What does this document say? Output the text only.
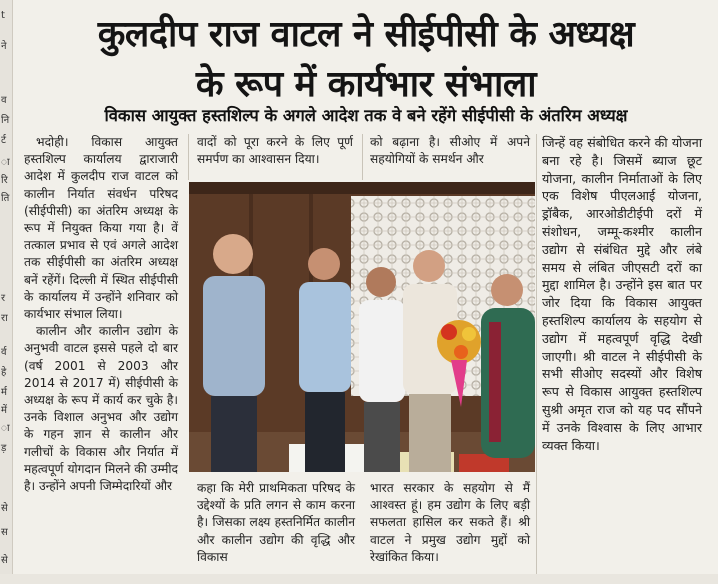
t
ने
व
नि
र्ट
ा
रि
ति
र
रा
र्व
हे
र्म
में
ा
ड़
से
स
से
कुलदीप राज वाटल ने सीईपीसी के अध्यक्ष
के रूप में कार्यभार संभाला
विकास आयुक्त हस्तशिल्प के अगले आदेश तक वे बने रहेंगे सीईपीसी के अंतरिम अध्यक्ष

भदोही। विकास आयुक्त हस्तशिल्प कार्यालय द्वाराजारी आदेश में कुलदीप राज वाटल को कालीन निर्यात संवर्धन परिषद (सीईपीसी) का अंतरिम अध्यक्ष के रूप में नियुक्त किया गया है। वें तत्काल प्रभाव से एवं अगले आदेश तक सीईपीसी का अंतरिम अध्यक्ष बनें रहेंगें। दिल्ली में स्थित सीईपीसी के कार्यालय में उन्होंने शनिवार को कार्यभार संभाल लिया।

कालीन और कालीन उद्योग के अनुभवी वाटल इससे पहले दो बार (वर्ष 2001 से 2003 और 2014 से 2017 में) सीईपीसी के अध्यक्ष के रूप में कार्य कर चुके है। उनके विशाल अनुभव और उद्योग के गहन ज्ञान से कालीन और गलीचों के विकास और निर्यात में महत्वपूर्ण योगदान मिलने की उम्मीद है। उन्होंने अपनी जिम्मेदारियों और

वादों को पूरा करने के लिए पूर्ण समर्पण का आश्वासन दिया।

को बढ़ाना है। सीओए में अपने सहयोगियों के समर्थन और

जिन्हें वह संबोधित करने की योजना बना रहे है। जिसमें ब्याज छूट योजना, कालीन निर्माताओं के लिए एक विशेष पीएलआई योजना, ड्रॉबैक, आरओडीटीईपी दरों में संशोधन, जम्मू-कश्मीर कालीन उद्योग से संबंधित मुद्दे और लंबे समय से लंबित जीएसटी दरों का मुद्दा शामिल है। उन्होंने इस बात पर जोर दिया कि विकास आयुक्त हस्तशिल्प कार्यालय के सहयोग से उद्योग में महत्वपूर्ण वृद्धि देखी जाएगी। श्री वाटल ने सीईपीसी के सभी सीओए सदस्यों और विशेष रूप से विकास आयुक्त हस्तशिल्प सुश्री अमृत राज को यह पद सौंपने में उनके विश्वास के लिए आभार व्यक्त किया।

कहा कि मेरी प्राथमिकता परिषद के उद्देश्यों के प्रति लगन से काम करना है। जिसका लक्ष्य हस्तनिर्मित कालीन और कालीन उद्योग की वृद्धि और विकास

भारत सरकार के सहयोग से मैं आश्वस्त हूं। हम उद्योग के लिए बड़ी सफलता हासिल कर सकते हैं। श्री वाटल ने प्रमुख उद्योग मुद्दों को रेखांकित किया।
